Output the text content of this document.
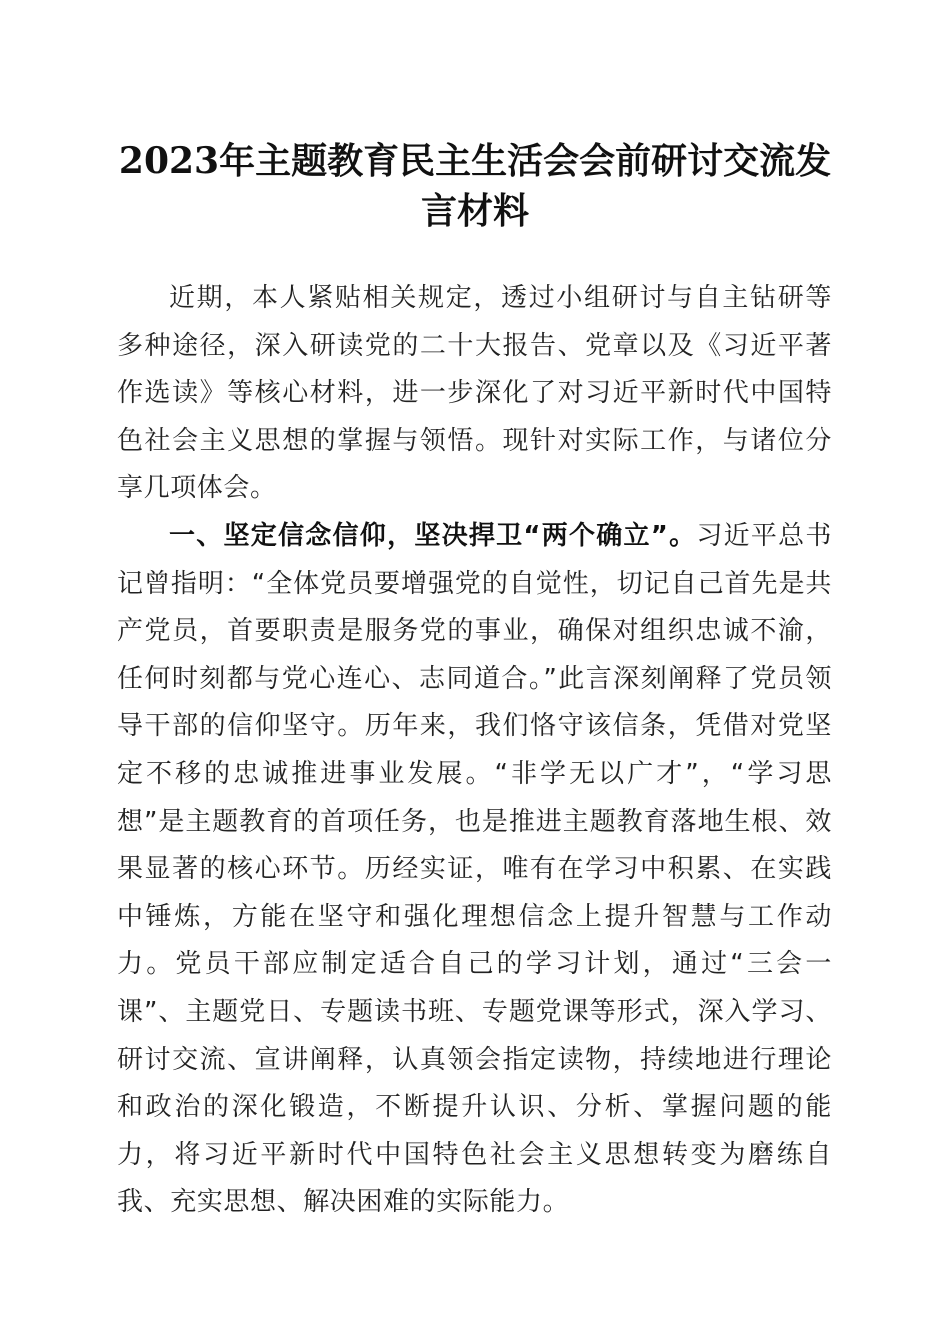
2023年主题教育民主生活会会前研讨交流发
言材料

近期，本人紧贴相关规定，透过小组研讨与自主钻研等多种途径，深入研读党的二十大报告、党章以及《习近平著作选读》等核心材料，进一步深化了对习近平新时代中国特色社会主义思想的掌握与领悟。现针对实际工作，与诸位分享几项体会。

一、坚定信念信仰，坚决捍卫“两个确立”。习近平总书记曾指明：“全体党员要增强党的自觉性，切记自己首先是共产党员，首要职责是服务党的事业，确保对组织忠诚不渝，任何时刻都与党心连心、志同道合。”此言深刻阐释了党员领导干部的信仰坚守。历年来，我们恪守该信条，凭借对党坚定不移的忠诚推进事业发展。“非学无以广才”，“学习思想”是主题教育的首项任务，也是推进主题教育落地生根、效果显著的核心环节。历经实证，唯有在学习中积累、在实践中锤炼，方能在坚守和强化理想信念上提升智慧与工作动力。党员干部应制定适合自己的学习计划，通过“三会一课”、主题党日、专题读书班、专题党课等形式，深入学习、研讨交流、宣讲阐释，认真领会指定读物，持续地进行理论和政治的深化锻造，不断提升认识、分析、掌握问题的能力，将习近平新时代中国特色社会主义思想转变为磨练自我、充实思想、解决困难的实际能力。
